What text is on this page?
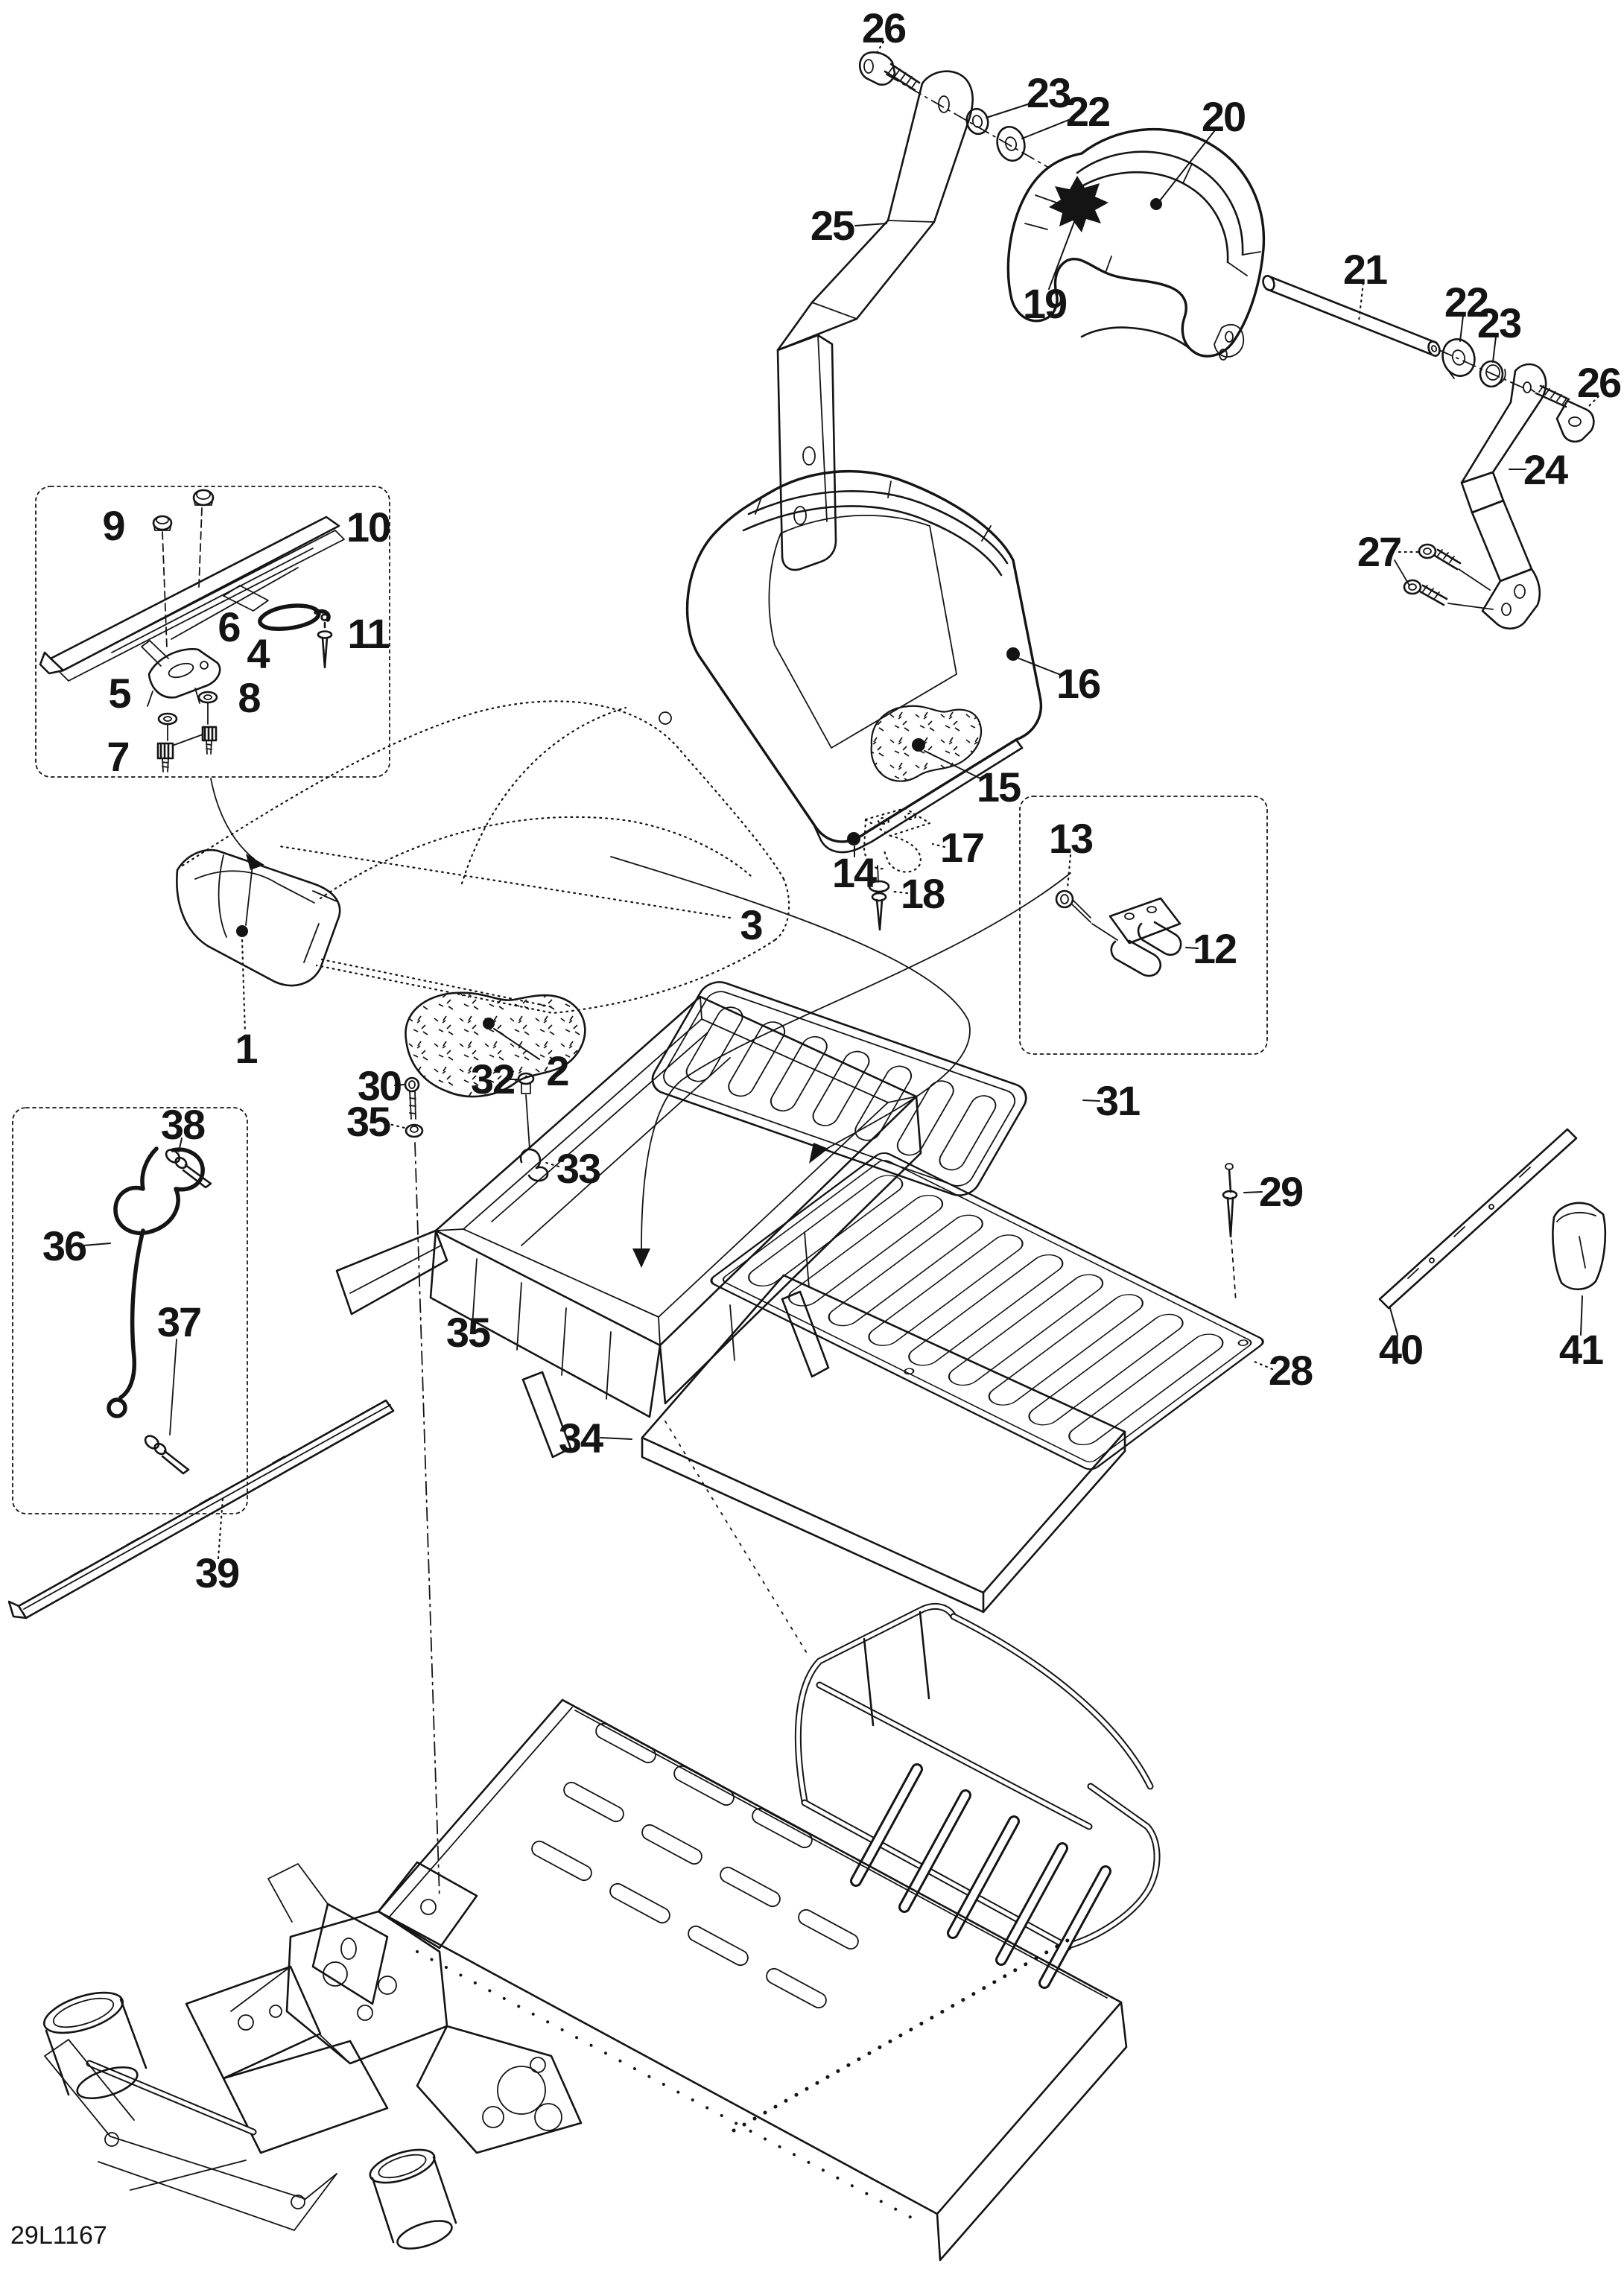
1	2
3
4
5
6
7
8
9	10
11
12
13
14
15
16
17
18
19
20
21
22
23
22
23
24
25
26
26
27
28
29
30	31
32
33
34
35
35
36
37
38
39
40	41
29L1167
